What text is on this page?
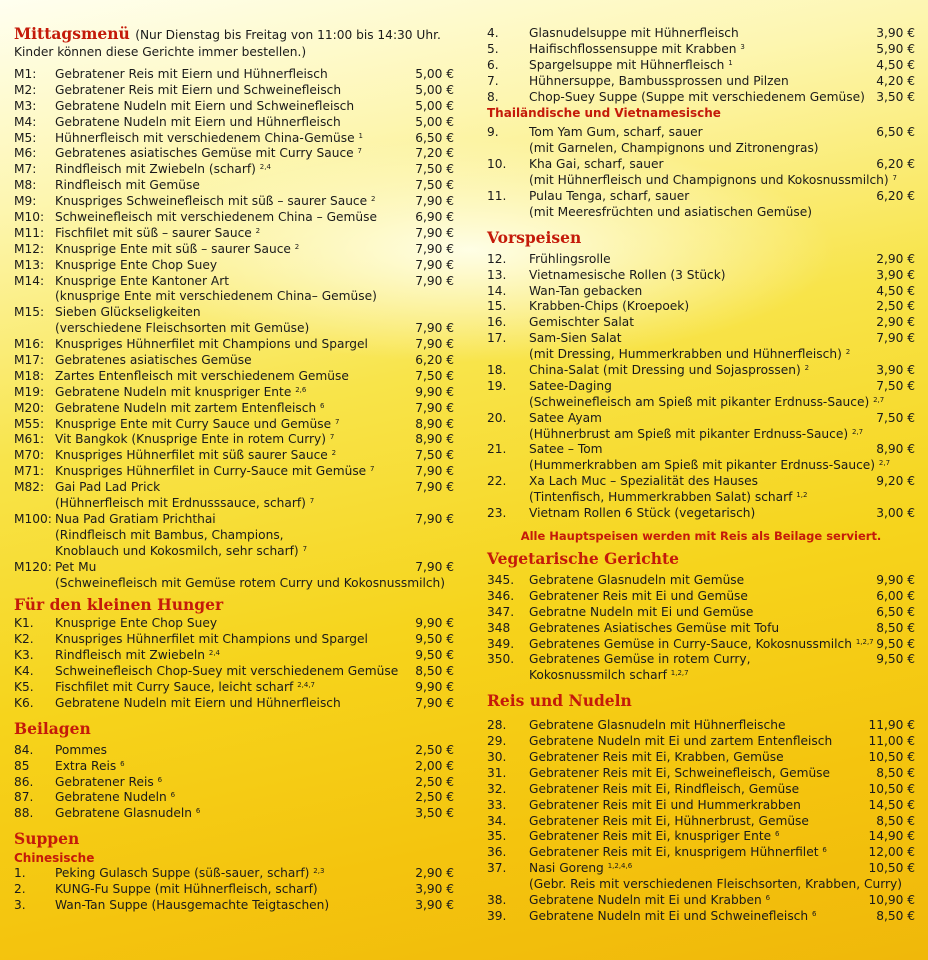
Mittagsmenü (Nur Dienstag bis Freitag von 11:00 bis 14:30 Uhr.
Kinder können diese Gerichte immer bestellen.)
M1: Gebratener Reis mit Eiern und Hühnerfleisch	5,00 €
M2: Gebratener Reis mit Eiern und Schweinefleisch	5,00 €
M3: Gebratene Nudeln mit Eiern und Schweinefleisch	5,00 €
M4: Gebratene Nudeln mit Eiern und Hühnerfleisch	5,00 €
M5: Hühnerfleisch mit verschiedenem China-Gemüse $^1$	6,50 €
M6: Gebratenes asiatisches Gemüse mit Curry Sauce $^7$	7,20 €
M7: Rindfleisch mit Zwiebeln (scharf) $^{2,4}$	7,50 €
M8: Rindfleisch mit Gemüse	7,50 €
M9: Knuspriges Schweinefleisch mit süß – saurer Sauce $^2$	7,90 €
M10: Schweinefleisch mit verschiedenem China – Gemüse	6,90 €
M11: Fischfilet mit süß – saurer Sauce $^2$	7,90 €
M12: Knusprige Ente mit süß – saurer Sauce $^2$	7,90 €
M13: Knusprige Ente Chop Suey	7,90 €
M14: Knusprige Ente Kantoner Art	7,90 €
(knusprige Ente mit verschiedenem China– Gemüse)
M15: Sieben Glückseligkeiten
(verschiedene Fleischsorten mit Gemüse)	7,90 €
M16: Knuspriges Hühnerfilet mit Champions und Spargel	7,90 €
M17: Gebratenes asiatisches Gemüse	6,20 €
M18: Zartes Entenfleisch mit verschiedenem Gemüse	7,50 €
M19: Gebratene Nudeln mit knuspriger Ente $^{2,6}$	9,90 €
M20: Gebratene Nudeln mit zartem Entenfleisch $^6$	7,90 €
M55: Knusprige Ente mit Curry Sauce und Gemüse $^7$	8,90 €
M61: Vit Bangkok (Knusprige Ente in rotem Curry) $^7$	8,90 €
M70: Knuspriges Hühnerfilet mit süß saurer Sauce $^2$	7,50 €
M71: Knuspriges Hühnerfilet in Curry-Sauce mit Gemüse $^7$	7,90 €
M82: Gai Pad Lad Prick	7,90 €
(Hühnerfleisch mit Erdnusssauce, scharf) $^7$
M100: Nua Pad Gratiam Prichthai	7,90 €
(Rindfleisch mit Bambus, Champions,
Knoblauch und Kokosmilch, sehr scharf) $^7$
M120: Pet Mu	7,90 €
(Schweinefleisch mit Gemüse rotem Curry und Kokosnussmilch)
Für den kleinen Hunger
K1. Knusprige Ente Chop Suey	9,90 €
K2. Knuspriges Hühnerfilet mit Champions und Spargel	9,50 €
K3. Rindfleisch mit Zwiebeln $^{2,4}$	9,50 €
K4. Schweinefleisch Chop-Suey mit verschiedenem Gemüse 8,50 €
K5. Fischfilet mit Curry Sauce, leicht scharf $^{2,4,7}$	9,90 €
K6. Gebratene Nudeln mit Eiern und Hühnerfleisch	7,90 €
Beilagen
84. Pommes	2,50 €
85 Extra Reis $^6$	2,00 €
86. Gebratener Reis $^6$	2,50 €
87. Gebratene Nudeln $^6$	2,50 €
88. Gebratene Glasnudeln $^6$	3,50 €
Suppen
Chinesische
1. Peking Gulasch Suppe (süß-sauer, scharf) $^{2,3}$	2,90 €
2. KUNG-Fu Suppe (mit Hühnerfleisch, scharf)	3,90 €
3. Wan-Tan Suppe (Hausgemachte Teigtaschen)	3,90 €
4. Glasnudelsuppe mit Hühnerfleisch	3,90 €
5. Haifischflossensuppe mit Krabben $^3$	5,90 €
6. Spargelsuppe mit Hühnerfleisch $^1$	4,50 €
7. Hühnersuppe, Bambussprossen und Pilzen	4,20 €
8. Chop-Suey Suppe (Suppe mit verschiedenem Gemüse) 3,50 €
Thailändische und Vietnamesische
9. Tom Yam Gum, scharf, sauer	6,50 €
(mit Garnelen, Champignons und Zitronengras)
10. Kha Gai, scharf, sauer	6,20 €
(mit Hühnerfleisch und Champignons und Kokosnussmilch) $^7$
11. Pulau Tenga, scharf, sauer	6,20 €
(mit Meeresfrüchten und asiatischen Gemüse)
Vorspeisen
12. Frühlingsrolle	2,90 €
13. Vietnamesische Rollen (3 Stück)	3,90 €
14. Wan-Tan gebacken	4,50 €
15. Krabben-Chips (Kroepoek)	2,50 €
16. Gemischter Salat	2,90 €
17. Sam-Sien Salat	7,90 €
(mit Dressing, Hummerkrabben und Hühnerfleisch) $^2$
18. China-Salat (mit Dressing und Sojasprossen) $^2$	3,90 €
19. Satee-Daging	7,50 €
(Schweinefleisch am Spieß mit pikanter Erdnuss-Sauce) $^{2,7}$
20. Satee Ayam	7,50 €
(Hühnerbrust am Spieß mit pikanter Erdnuss-Sauce) $^{2,7}$
21. Satee – Tom	8,90 €
(Hummerkrabben am Spieß mit pikanter Erdnuss-Sauce) $^{2,7}$
22. Xa Lach Muc – Spezialität des Hauses	9,20 €
(Tintenfisch, Hummerkrabben Salat) scharf $^{1,2}$
23. Vietnam Rollen 6 Stück (vegetarisch)	3,00 €
Alle Hauptspeisen werden mit Reis als Beilage serviert.
Vegetarische Gerichte
345. Gebratene Glasnudeln mit Gemüse	9,90 €
346. Gebratener Reis mit Ei und Gemüse	6,00 €
347. Gebratne Nudeln mit Ei und Gemüse	6,50 €
348 Gebratenes Asiatisches Gemüse mit Tofu	8,50 €
349. Gebratenes Gemüse in Curry-Sauce, Kokosnussmilch $^{1,2,7}$ 9,50 €
350. Gebratenes Gemüse in rotem Curry,	9,50 €
Kokosnussmilch scharf $^{1,2,7}$
Reis und Nudeln
28. Gebratene Glasnudeln mit Hühnerfleische	11,90 €
29. Gebratene Nudeln mit Ei und zartem Entenfleisch	11,00 €
30. Gebratener Reis mit Ei, Krabben, Gemüse	10,50 €
31. Gebratener Reis mit Ei, Schweinefleisch, Gemüse	8,50 €
32. Gebratener Reis mit Ei, Rindfleisch, Gemüse	10,50 €
33. Gebratener Reis mit Ei und Hummerkrabben	14,50 €
34. Gebratener Reis mit Ei, Hühnerbrust, Gemüse	8,50 €
35. Gebratener Reis mit Ei, knuspriger Ente $^6$	14,90 €
36. Gebratener Reis mit Ei, knusprigem Hühnerfilet $^6$	12,00 €
37. Nasi Goreng $^{1,2,4,6}$	10,50 €
(Gebr. Reis mit verschiedenen Fleischsorten, Krabben, Curry)
38. Gebratene Nudeln mit Ei und Krabben $^6$	10,90 €
39. Gebratene Nudeln mit Ei und Schweinefleisch $^6$	8,50 €
